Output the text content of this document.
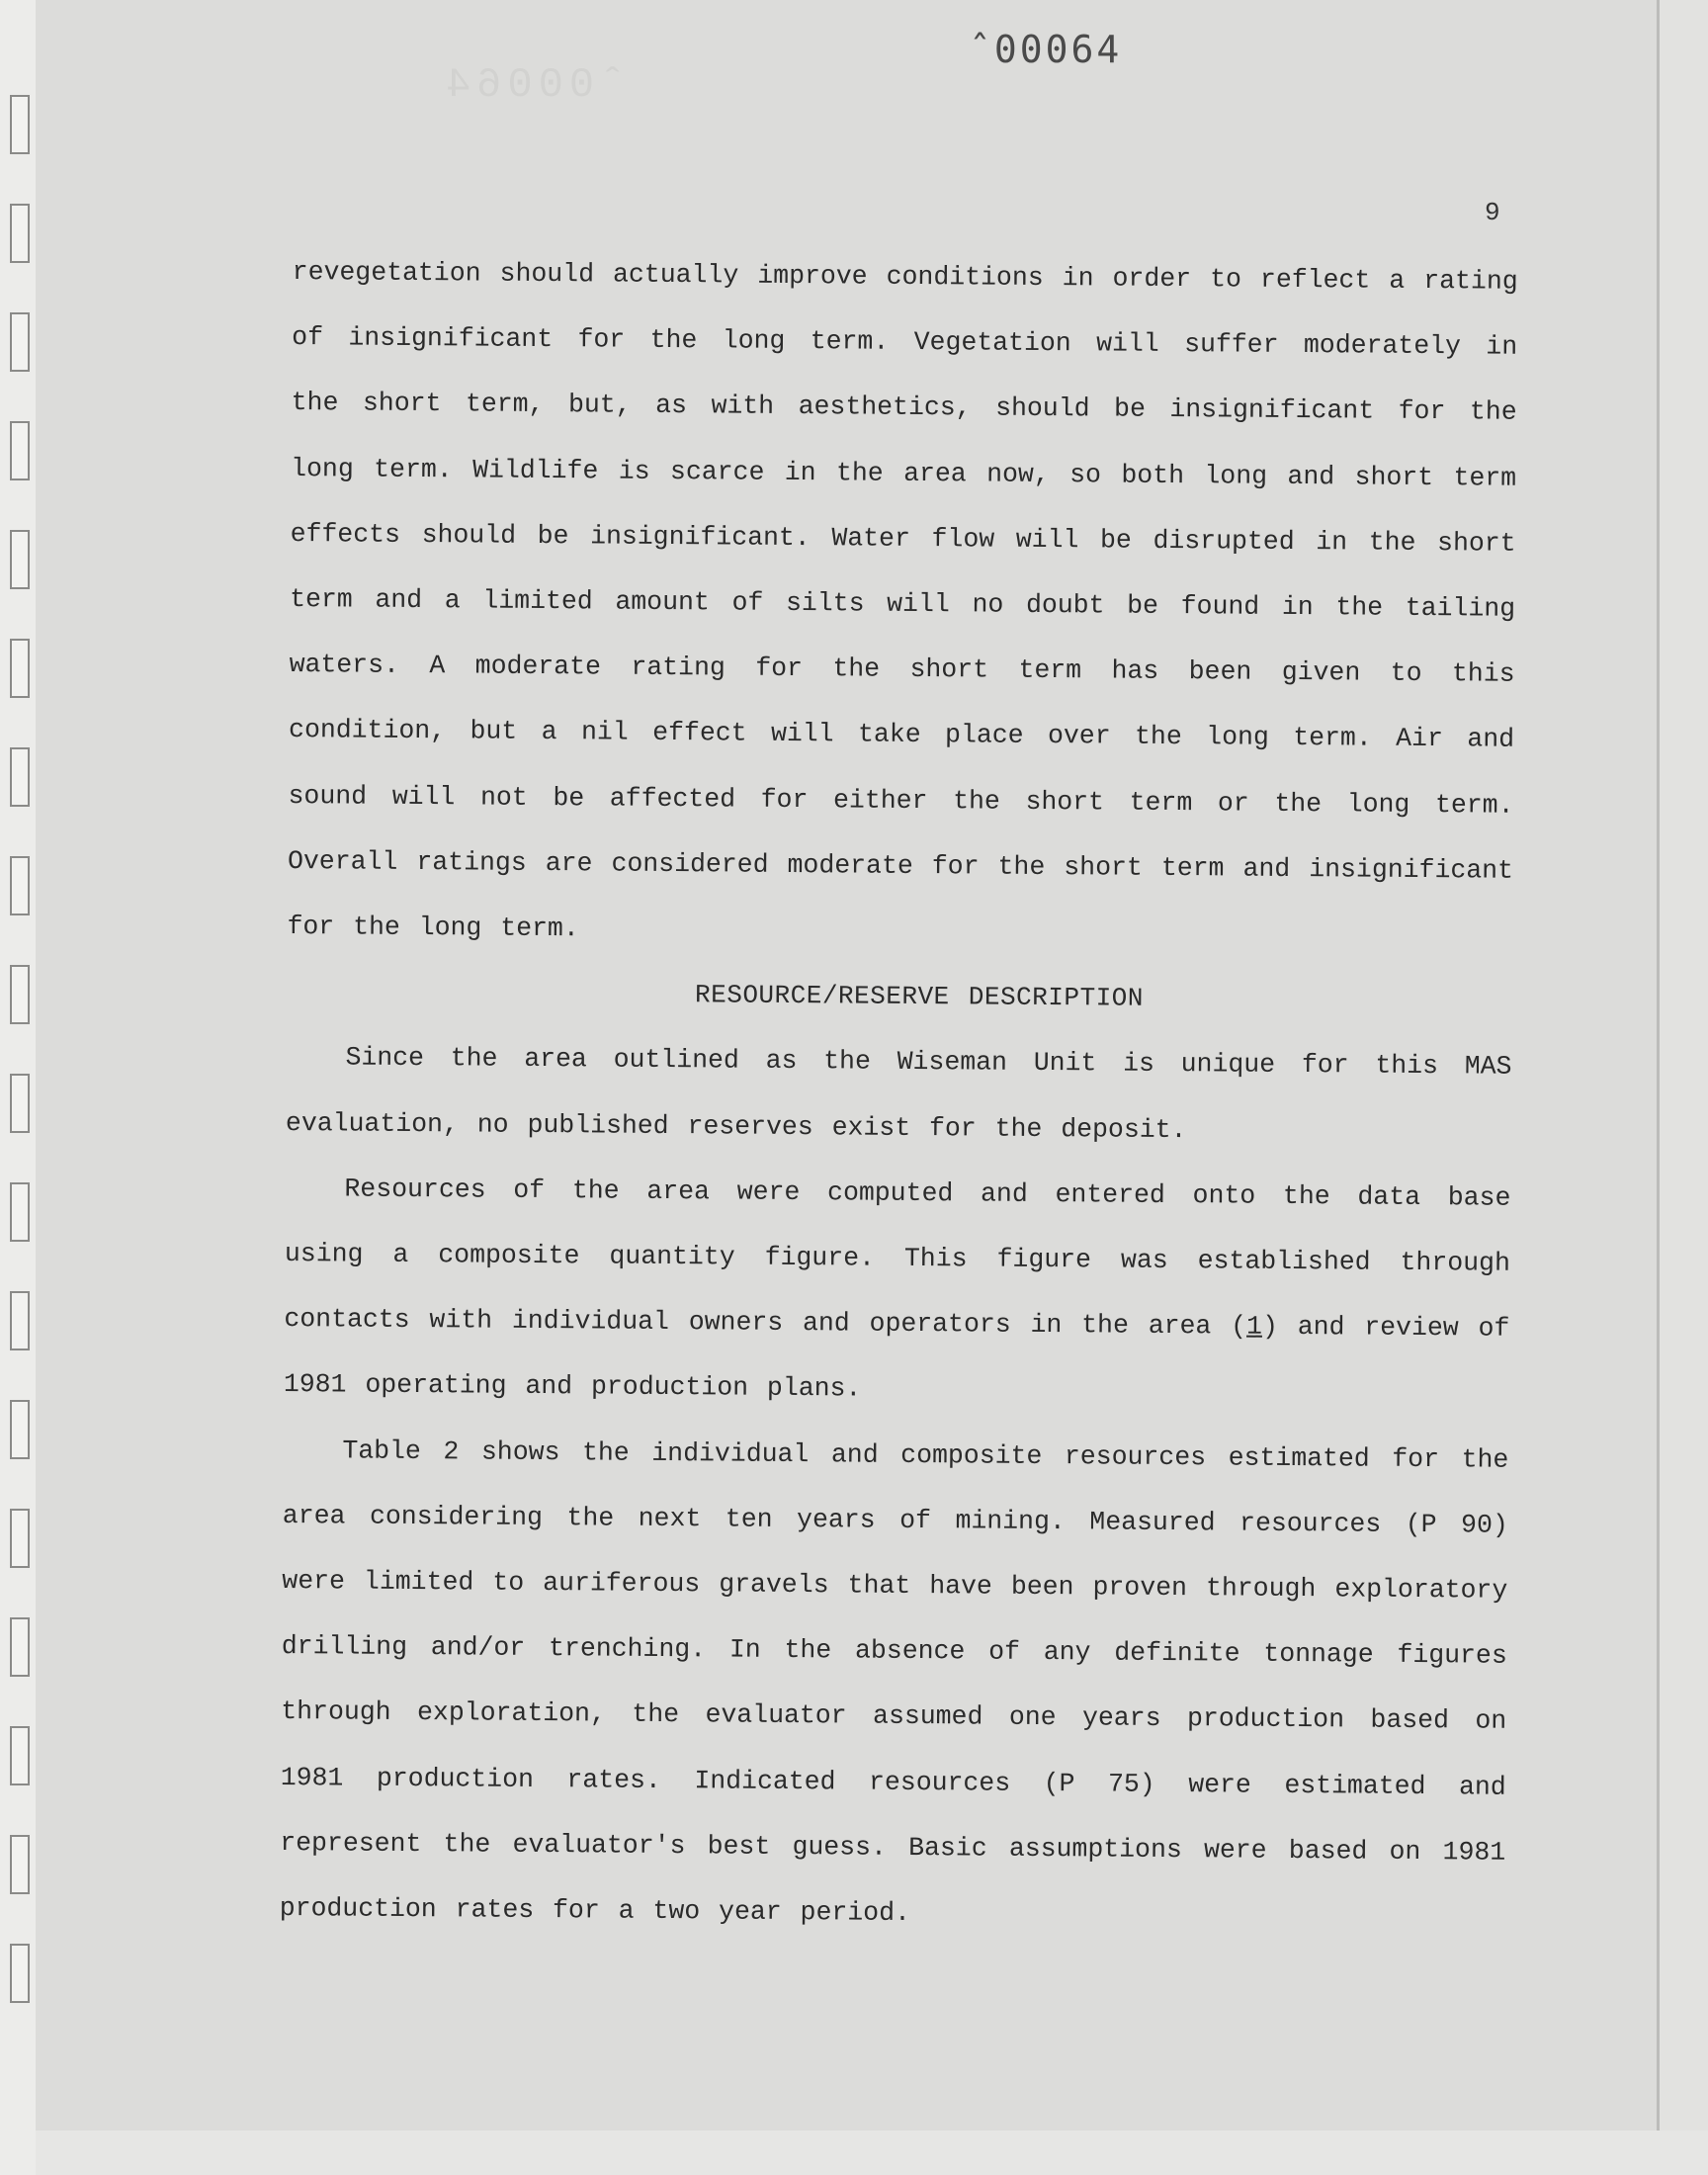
ˆ00064
ˆ00064
9

revegetation should actually improve conditions in order to reflect a rating of insignificant for the long term. Vegetation will suffer moderately in the short term, but, as with aesthetics, should be insignificant for the long term. Wildlife is scarce in the area now, so both long and short term effects should be insignificant. Water flow will be disrupted in the short term and a limited amount of silts will no doubt be found in the tailing waters. A moderate rating for the short term has been given to this condition, but a nil effect will take place over the long term. Air and sound will not be affected for either the short term or the long term. Overall ratings are considered moderate for the short term and insignificant for the long term.

RESOURCE/RESERVE DESCRIPTION

Since the area outlined as the Wiseman Unit is unique for this MAS evaluation, no published reserves exist for the deposit.

Resources of the area were computed and entered onto the data base using a composite quantity figure. This figure was established through contacts with individual owners and operators in the area (1) and review of 1981 operating and production plans.

Table 2 shows the individual and composite resources estimated for the area considering the next ten years of mining. Measured resources (P 90) were limited to auriferous gravels that have been proven through exploratory drilling and/or trenching. In the absence of any definite tonnage figures through exploration, the evaluator assumed one years production based on 1981 production rates. Indicated resources (P 75) were estimated and represent the evaluator's best guess. Basic assumptions were based on 1981 production rates for a two year period.
